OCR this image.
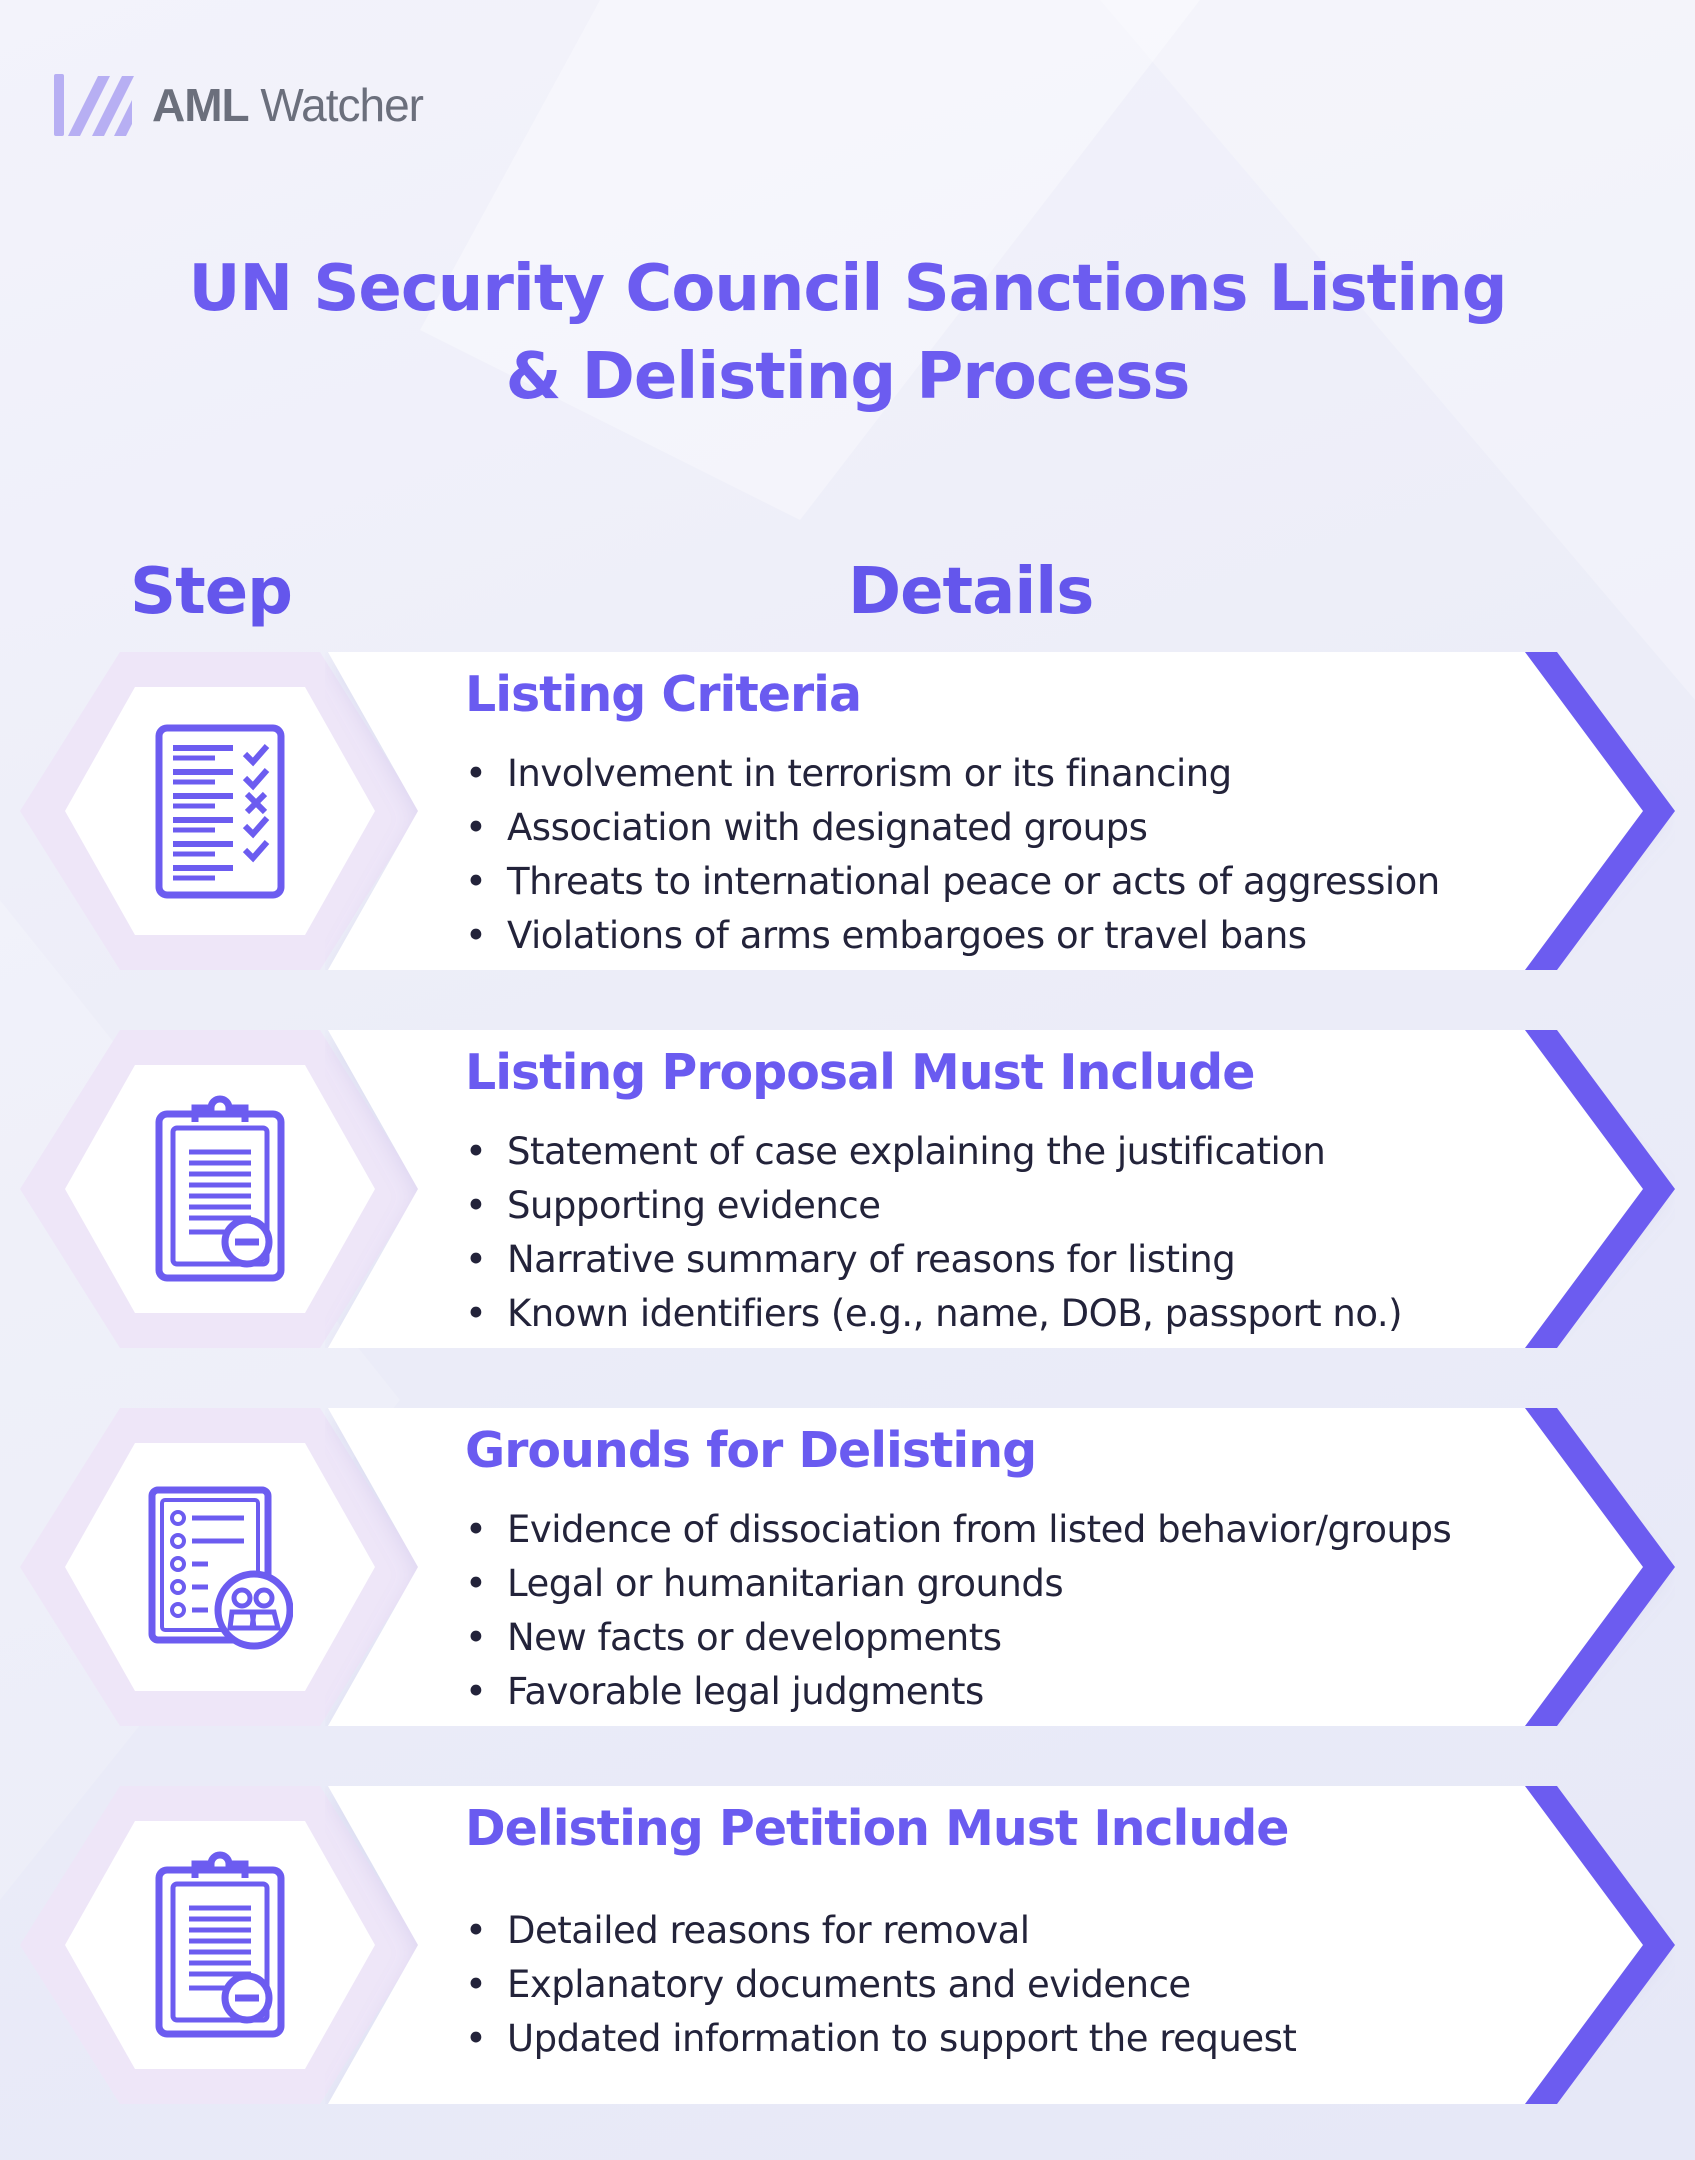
AML Watcher
UN Security Council Sanctions Listing
& Delisting Process
Step	Details
Listing Criteria
• Involvement in terrorism or its financing
• Association with designated groups
• Threats to international peace or acts of aggression
• Violations of arms embargoes or travel bans
Listing Proposal Must Include
• Statement of case explaining the justification
• Supporting evidence
• Narrative summary of reasons for listing
• Known identifiers (e.g., name, DOB, passport no.)
Grounds for Delisting
• Evidence of dissociation from listed behavior/groups
• Legal or humanitarian grounds
• New facts or developments
• Favorable legal judgments
Delisting Petition Must Include
• Detailed reasons for removal
• Explanatory documents and evidence
• Updated information to support the request
